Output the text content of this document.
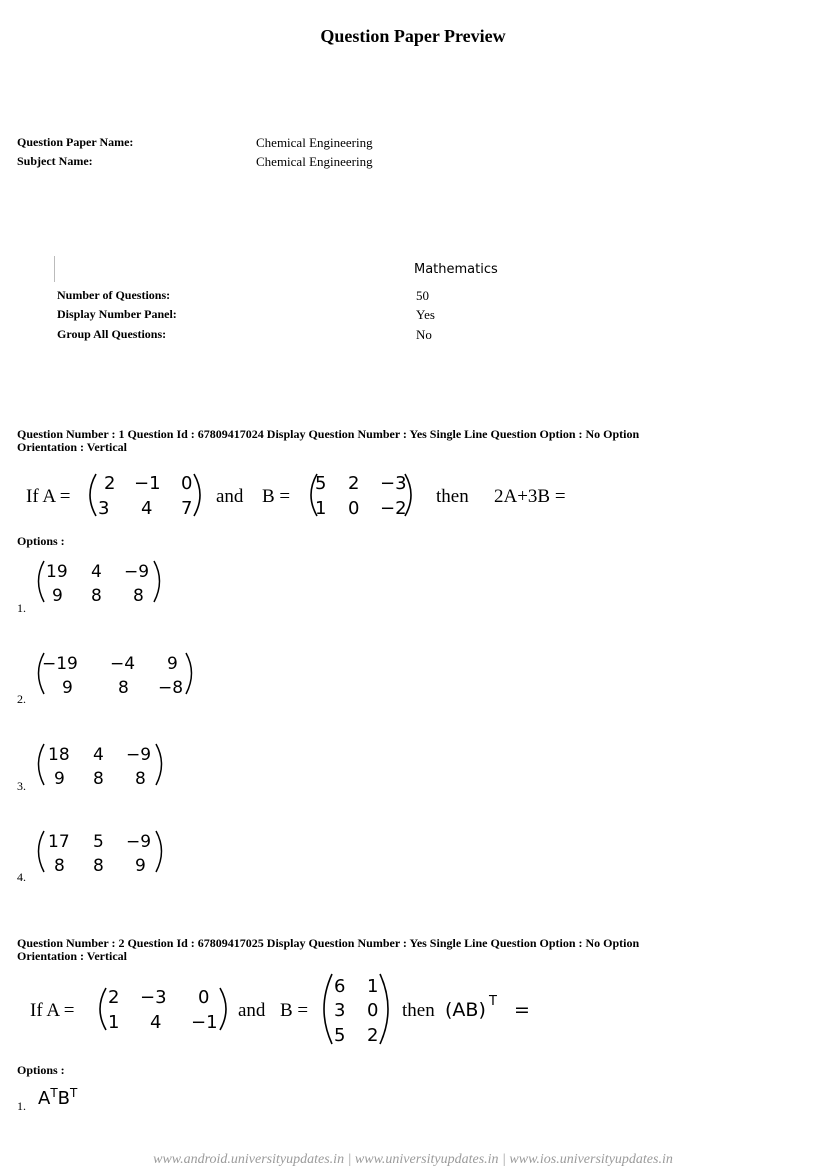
Question Paper Preview
Question Paper Name:	Chemical Engineering
Subject Name:	Chemical Engineering
Mathematics
Number of Questions:	50
Display Number Panel:	Yes
Group All Questions:	No
Question Number : 1 Question Id : 67809417024 Display Question Number : Yes Single Line Question Option : No Option
Orientation : Vertical
If A =
2 −1 0
3 4 7
and B =
5 2 −3
1 0 −2
then 2A+3B =
Options :
1.
19 4 −9
9 8 8
2.
−19 −4 9
9	8 −8
3.
18 4 −9
9 8 8
4.
17 5 −9
8 8 9
Question Number : 2 Question Id : 67809417025 Display Question Number : Yes Single Line Question Option : No Option
Orientation : Vertical
If A =
2 −3 0
1 4 −1
and B =
6 1
3 0
5 2
then (AB) T =
Options :
1. $A^TB^T$
www.android.universityupdates.in | www.universityupdates.in | www.ios.universityupdates.in
